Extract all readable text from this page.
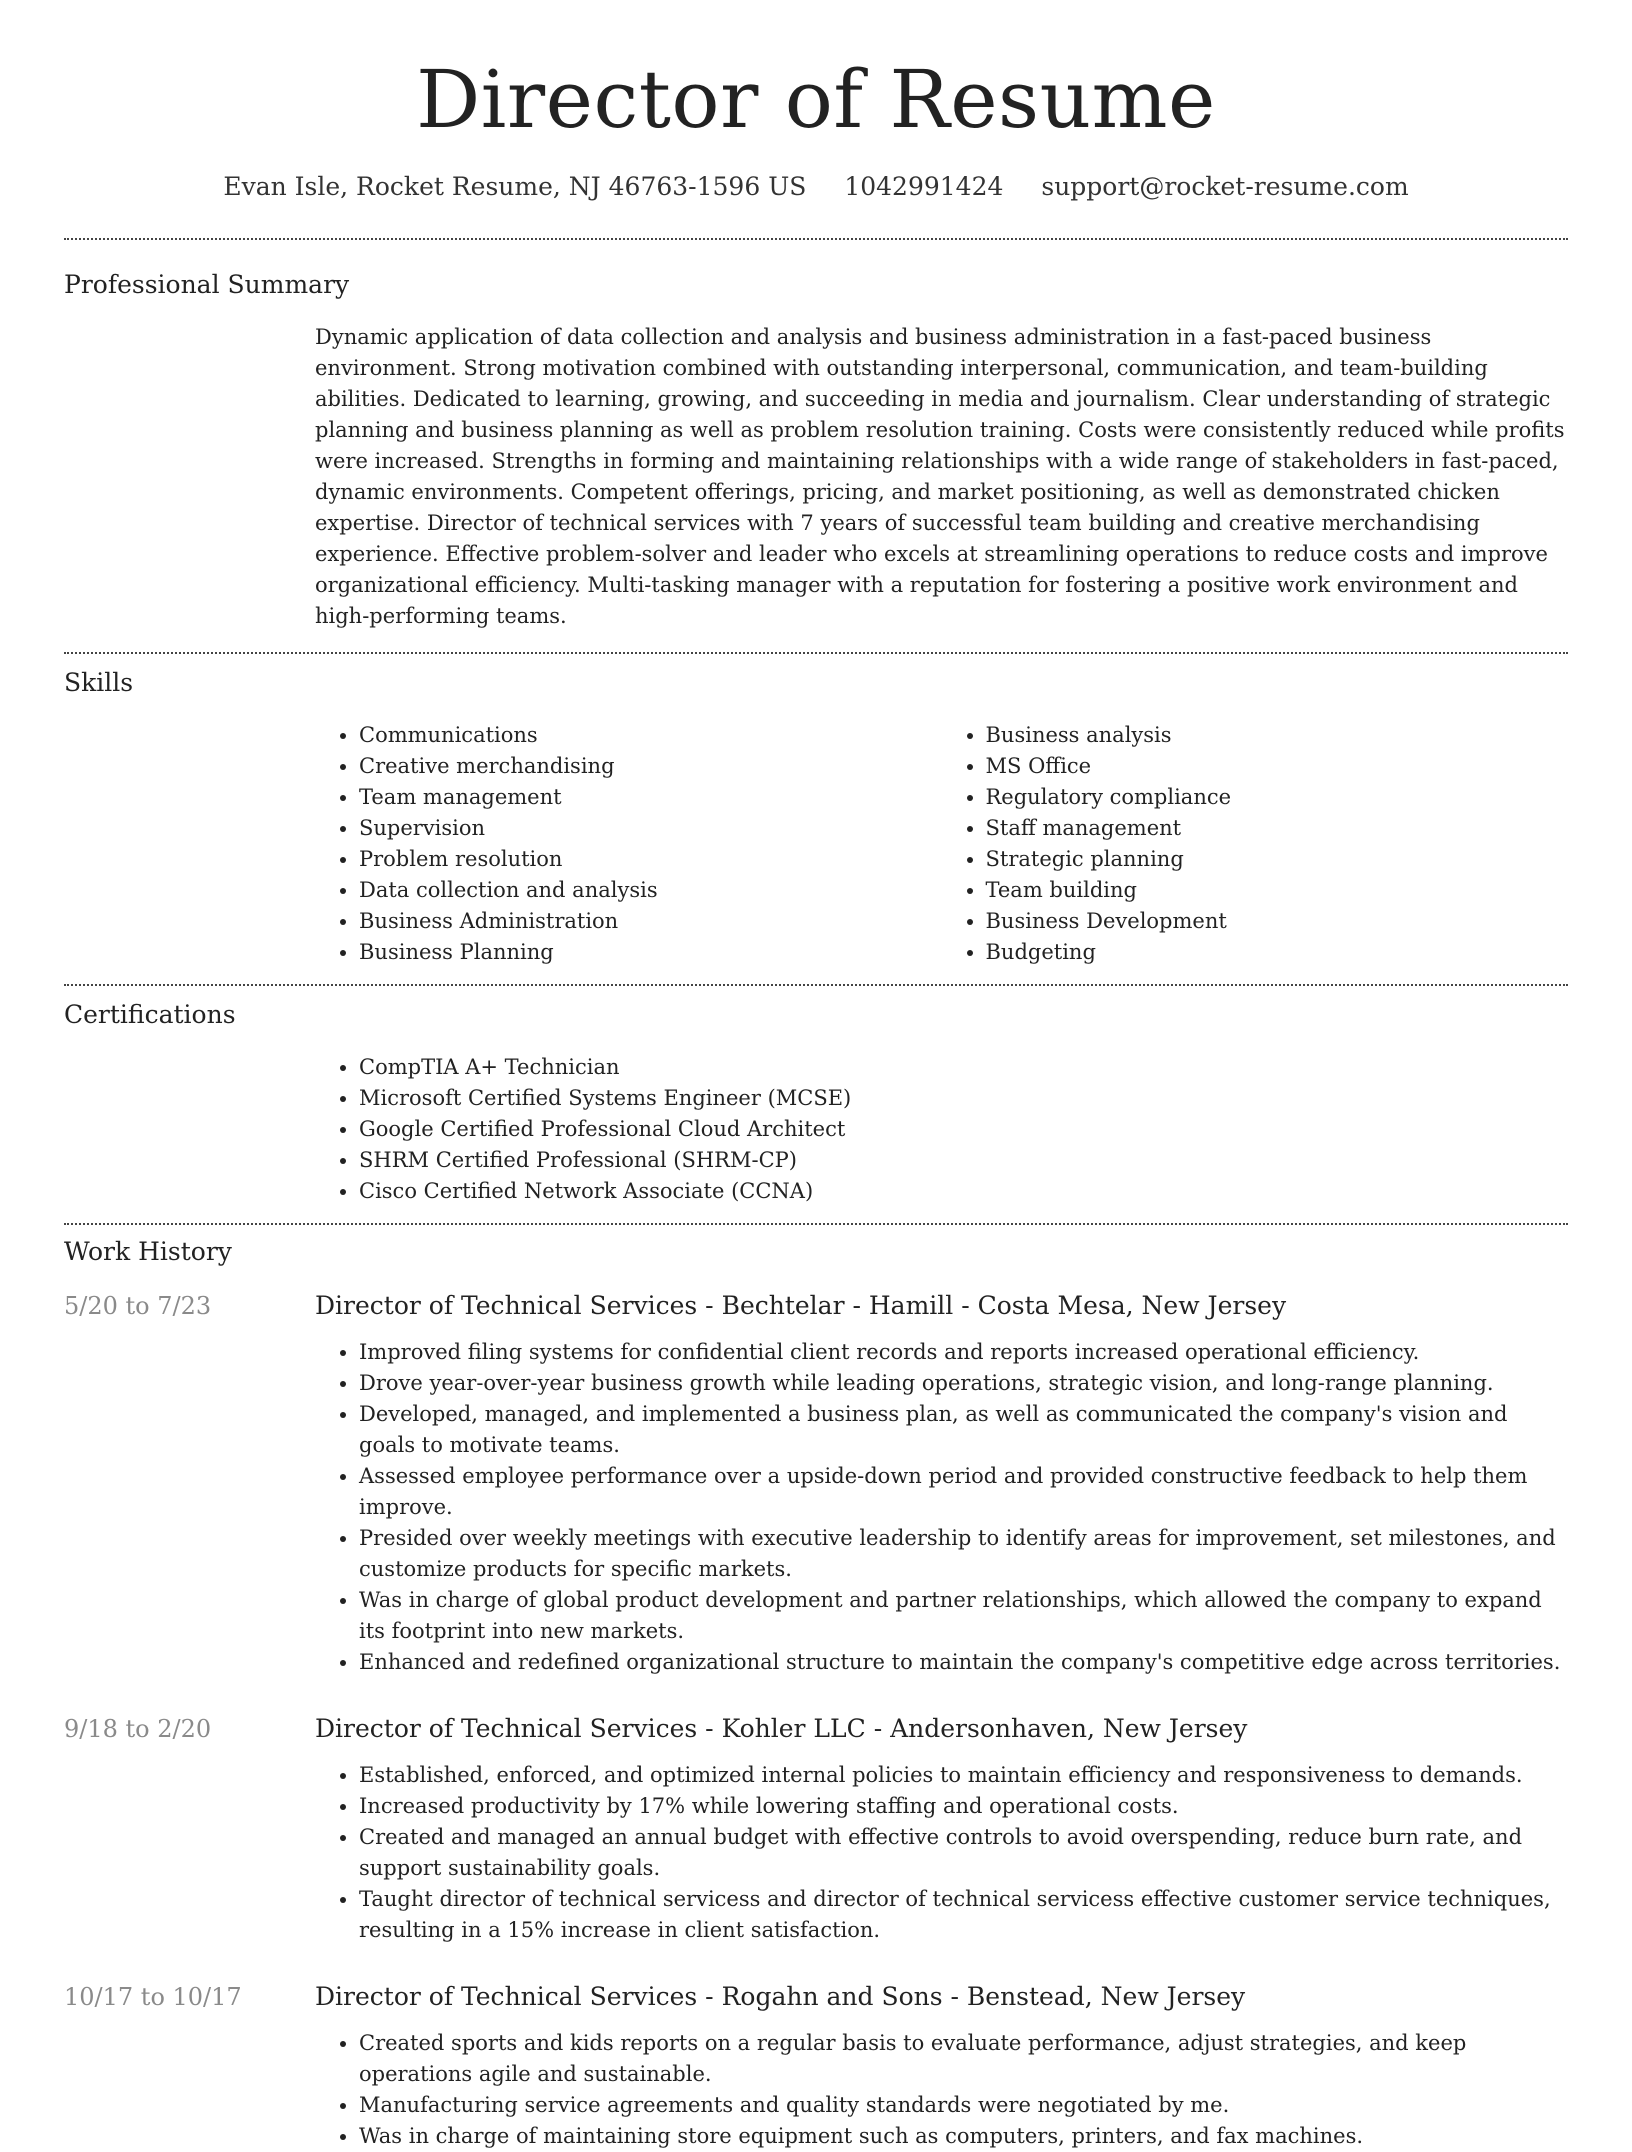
Director of Resume
Evan Isle, Rocket Resume, NJ 46763-1596 US 1042991424 support@rocket-resume.com
Professional Summary

Dynamic application of data collection and analysis and business administration in a fast-paced business environment. Strong motivation combined with outstanding interpersonal, communication, and team-building abilities. Dedicated to learning, growing, and succeeding in media and journalism. Clear understanding of strategic planning and business planning as well as problem resolution training. Costs were consistently reduced while profits were increased. Strengths in forming and maintaining relationships with a wide range of stakeholders in fast-paced, dynamic environments. Competent offerings, pricing, and market positioning, as well as demonstrated chicken expertise. Director of technical services with 7 years of successful team building and creative merchandising experience. Effective problem-solver and leader who excels at streamlining operations to reduce costs and improve organizational efficiency. Multi-tasking manager with a reputation for fostering a positive work environment and high-performing teams.

Skills
• Communications
• Creative merchandising
• Team management
• Supervision
• Problem resolution
• Data collection and analysis
• Business Administration
• Business Planning
• Business analysis
• MS Office
• Regulatory compliance
• Staff management
• Strategic planning
• Team building
• Business Development
• Budgeting
Certifications
• CompTIA A+ Technician
• Microsoft Certified Systems Engineer (MCSE)
• Google Certified Professional Cloud Architect
• SHRM Certified Professional (SHRM-CP)
• Cisco Certified Network Associate (CCNA)
Work History
5/20 to 7/23	Director of Technical Services - Bechtelar - Hamill - Costa Mesa, New Jersey
• Improved filing systems for confidential client records and reports increased operational efficiency.
• Drove year-over-year business growth while leading operations, strategic vision, and long-range planning.
• Developed, managed, and implemented a business plan, as well as communicated the company's vision and goals to motivate teams.
• Assessed employee performance over a upside-down period and provided constructive feedback to help them improve.
• Presided over weekly meetings with executive leadership to identify areas for improvement, set milestones, and customize products for specific markets.
• Was in charge of global product development and partner relationships, which allowed the company to expand its footprint into new markets.
• Enhanced and redefined organizational structure to maintain the company's competitive edge across territories.
9/18 to 2/20	Director of Technical Services - Kohler LLC - Andersonhaven, New Jersey
• Established, enforced, and optimized internal policies to maintain efficiency and responsiveness to demands.
• Increased productivity by 17% while lowering staffing and operational costs.
• Created and managed an annual budget with effective controls to avoid overspending, reduce burn rate, and support sustainability goals.
• Taught director of technical servicess and director of technical servicess effective customer service techniques, resulting in a 15% increase in client satisfaction.
10/17 to 10/17	Director of Technical Services - Rogahn and Sons - Benstead, New Jersey
• Created sports and kids reports on a regular basis to evaluate performance, adjust strategies, and keep operations agile and sustainable.
• Manufacturing service agreements and quality standards were negotiated by me.
• Was in charge of maintaining store equipment such as computers, printers, and fax machines.
